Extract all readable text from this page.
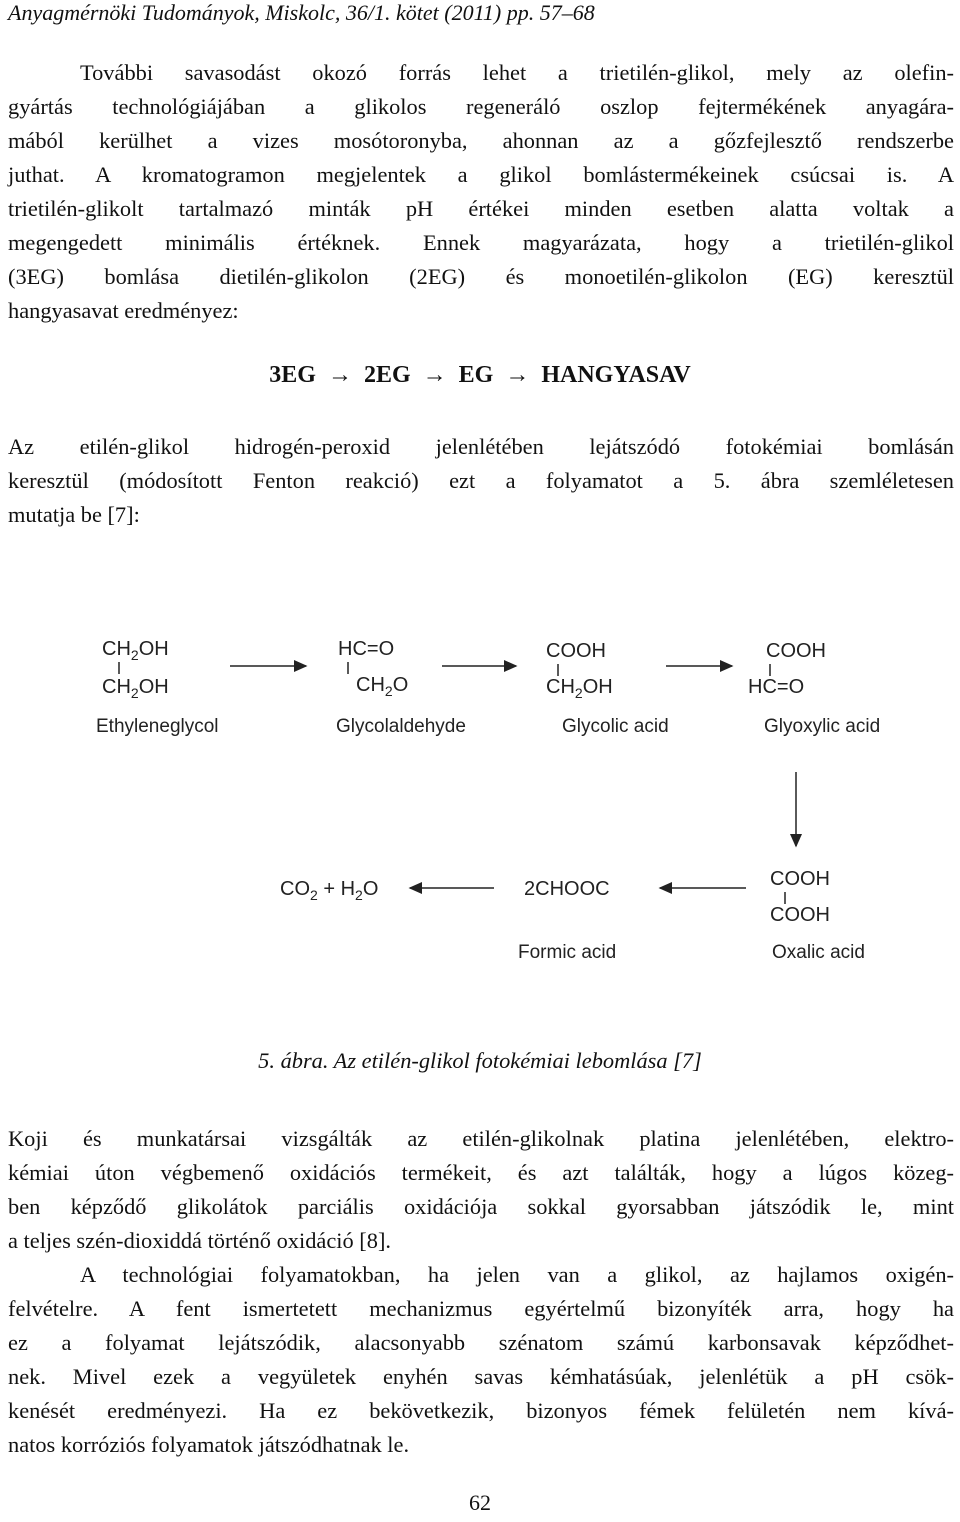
Anyagmérnöki Tudományok, Miskolc, 36/1. kötet (2011) pp. 57–68
További savasodást okozó forrás lehet a trietilén-glikol, mely az olefin-
gyártás technológiájában a glikolos regeneráló oszlop fejtermékének anyagára-
mából kerülhet a vizes mosótoronyba, ahonnan az a gőzfejlesztő rendszerbe
juthat. A kromatogramon megjelentek a glikol bomlástermékeinek csúcsai is. A
trietilén-glikolt tartalmazó minták pH értékei minden esetben alatta voltak a
megengedett minimális értéknek. Ennek magyarázata, hogy a trietilén-glikol
(3EG) bomlása dietilén-glikolon (2EG) és monoetilén-glikolon (EG) keresztül
hangyasavat eredményez:
3EG → 2EG → EG → HANGYASAV
Az etilén-glikol hidrogén-peroxid jelenlétében lejátszódó fotokémiai bomlásán
keresztül (módosított Fenton reakció) ezt a folyamatot a 5. ábra szemléletesen
mutatja be [7]:
$CH_2OH$
$CH_2OH$
Ethyleneglycol
HC=O
$CH_2O$
Glycolaldehyde
COOH
$CH_2OH$
Glycolic acid
COOH
HC=O
Glyoxylic acid
COOH
COOH
Oxalic acid
2CHOOC
Formic acid
$CO_2 + H_2O$
5. ábra. Az etilén-glikol fotokémiai lebomlása [7]
Koji és munkatársai vizsgálták az etilén-glikolnak platina jelenlétében, elektro-
kémiai úton végbemenő oxidációs termékeit, és azt találták, hogy a lúgos közeg-
ben képződő glikolátok parciális oxidációja sokkal gyorsabban játszódik le, mint
a teljes szén-dioxiddá történő oxidáció [8].
A technológiai folyamatokban, ha jelen van a glikol, az hajlamos oxigén-
felvételre. A fent ismertetett mechanizmus egyértelmű bizonyíték arra, hogy ha
ez a folyamat lejátszódik, alacsonyabb szénatom számú karbonsavak képződhet-
nek. Mivel ezek a vegyületek enyhén savas kémhatásúak, jelenlétük a pH csök-
kenését eredményezi. Ha ez bekövetkezik, bizonyos fémek felületén nem kívá-
natos korróziós folyamatok játszódhatnak le.
62
